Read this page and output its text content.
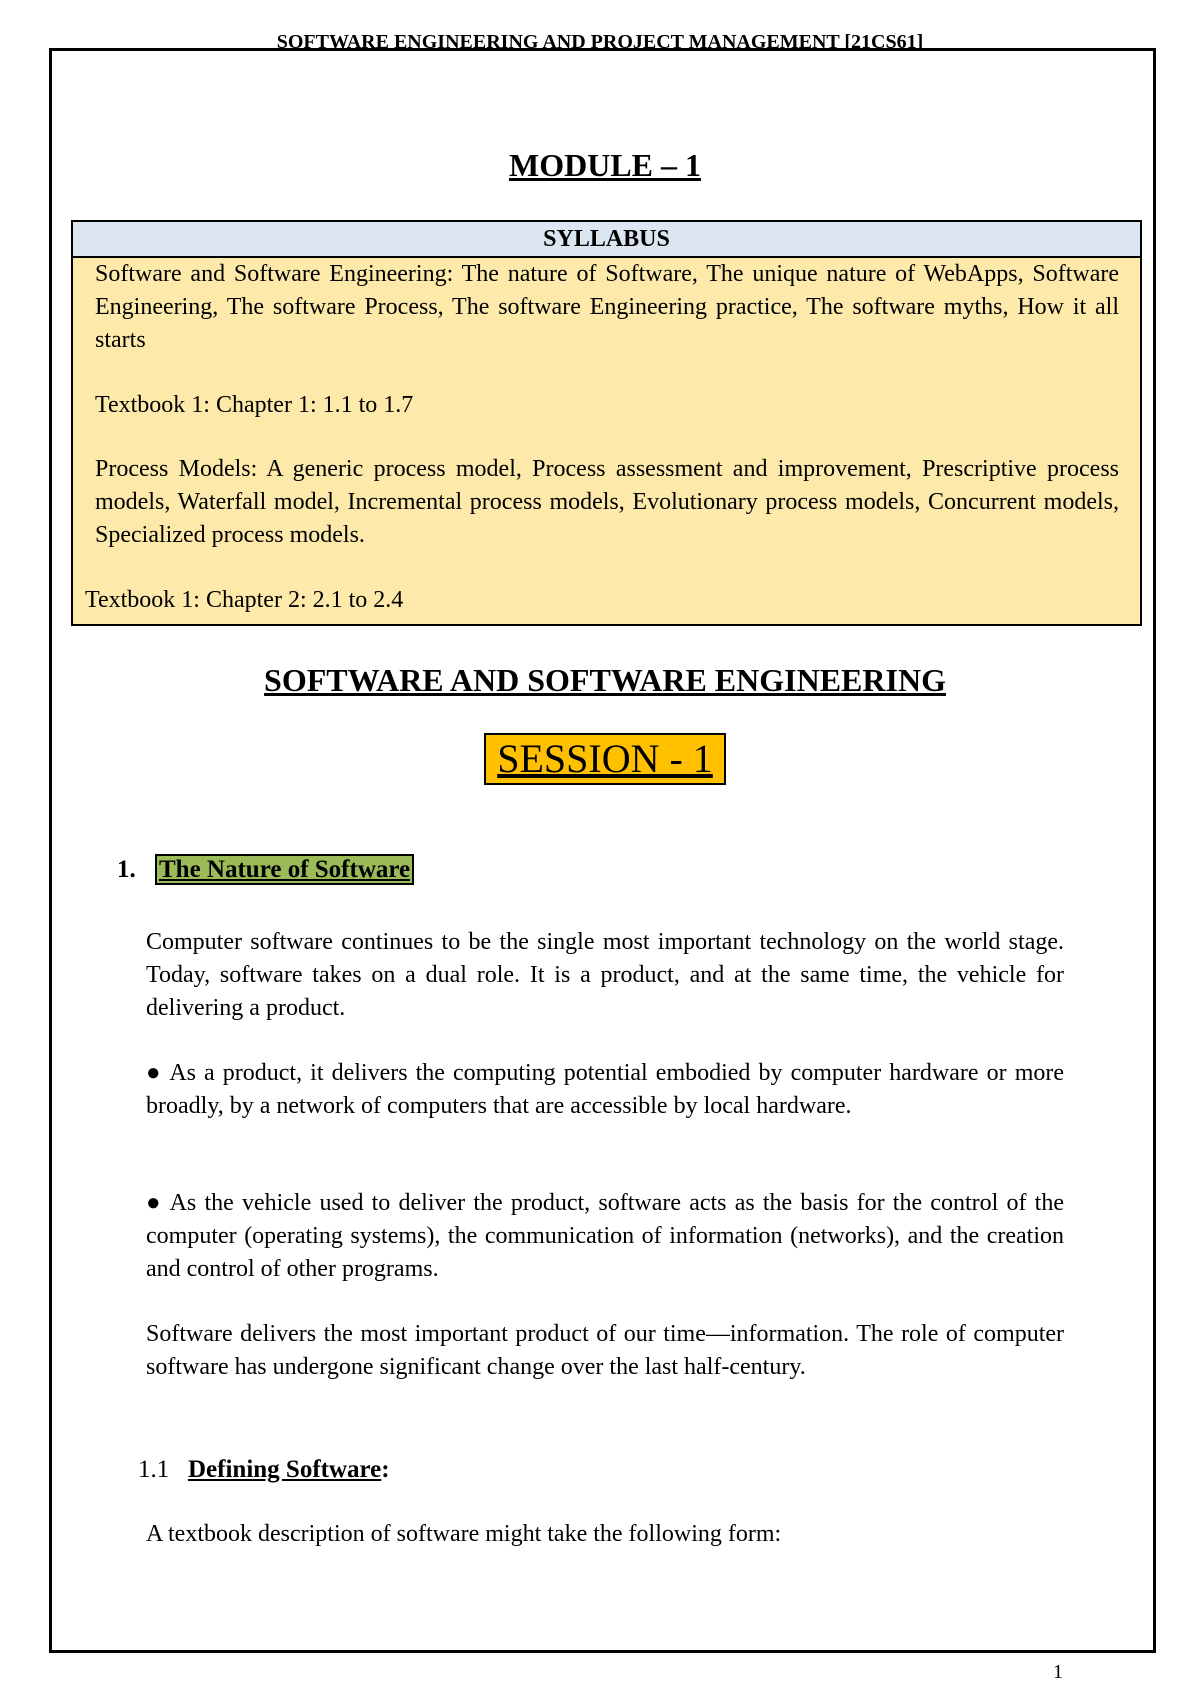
SOFTWARE ENGINEERING AND PROJECT MANAGEMENT [21CS61]
MODULE – 1
SYLLABUS
Software and Software Engineering: The nature of Software, The unique nature of WebApps, Software Engineering, The software Process, The software Engineering practice, The software myths, How it all starts
Textbook 1: Chapter 1: 1.1 to 1.7
Process Models: A generic process model, Process assessment and improvement, Prescriptive process models, Waterfall model, Incremental process models, Evolutionary process models, Concurrent models, Specialized process models.
Textbook 1: Chapter 2: 2.1 to 2.4
SOFTWARE AND SOFTWARE ENGINEERING
SESSION - 1
1. The Nature of Software
Computer software continues to be the single most important technology on the world stage. Today, software takes on a dual role. It is a product, and at the same time, the vehicle for delivering a product.
● As a product, it delivers the computing potential embodied by computer hardware or more broadly, by a network of computers that are accessible by local hardware.
● As the vehicle used to deliver the product, software acts as the basis for the control of the computer (operating systems), the communication of information (networks), and the creation and control of other programs.
Software delivers the most important product of our time—information. The role of computer software has undergone significant change over the last half-century.
1.1 Defining Software:
A textbook description of software might take the following form:
1
